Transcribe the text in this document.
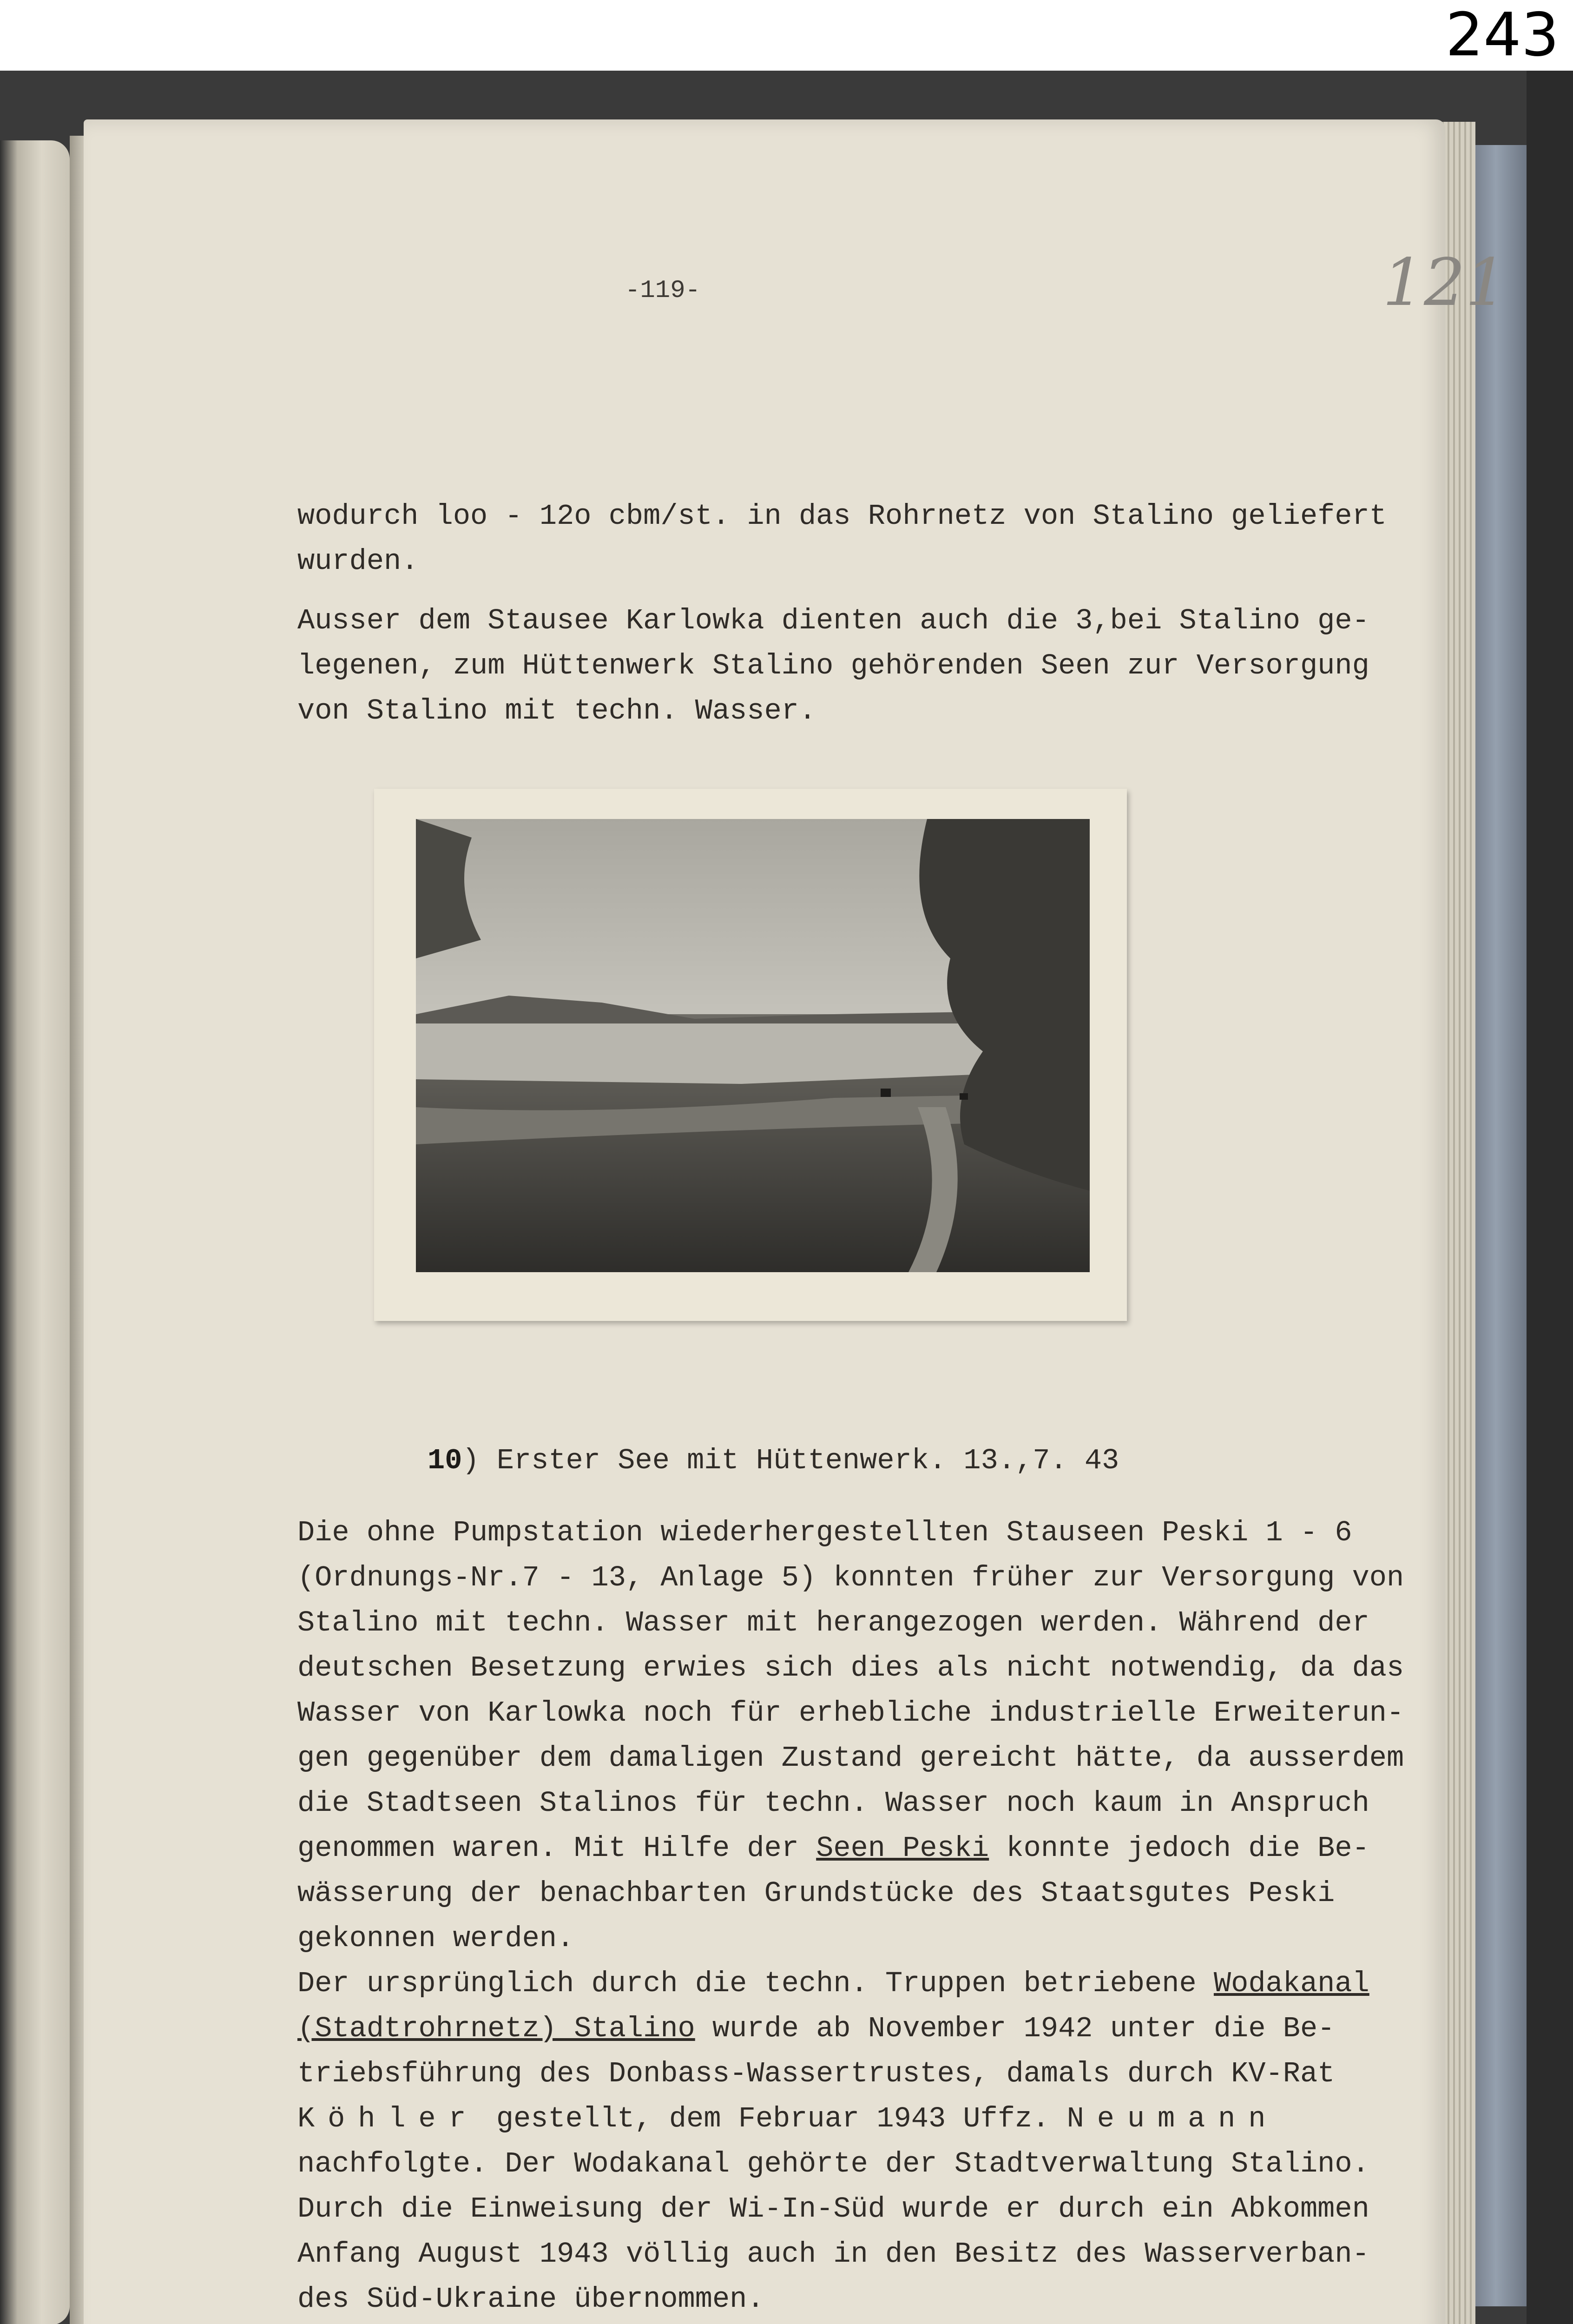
243
-119-	121

wodurch loo - 12o cbm/st. in das Rohrnetz von Stalino geliefert
wurden.

Ausser dem Stausee Karlowka dienten auch die 3,bei Stalino ge-
legenen, zum Hüttenwerk Stalino gehörenden Seen zur Versorgung
von Stalino mit techn. Wasser.

10) Erster See mit Hüttenwerk. 13.,7. 43
Die ohne Pumpstation wiederhergestellten Stauseen Peski 1 - 6
(Ordnungs-Nr.7 - 13, Anlage 5) konnten früher zur Versorgung von
Stalino mit techn. Wasser mit herangezogen werden. Während der
deutschen Besetzung erwies sich dies als nicht notwendig, da das
Wasser von Karlowka noch für erhebliche industrielle Erweiterun-
gen gegenüber dem damaligen Zustand gereicht hätte, da ausserdem
die Stadtseen Stalinos für techn. Wasser noch kaum in Anspruch
genommen waren. Mit Hilfe der Seen Peski konnte jedoch die Be-
wässerung der benachbarten Grundstücke des Staatsgutes Peski
gekonnen werden.
Der ursprünglich durch die techn. Truppen betriebene Wodakanal
(Stadtrohrnetz) Stalino wurde ab November 1942 unter die Be-
triebsführung des Donbass-Wassertrustes, damals durch KV-Rat
Köhler gestellt, dem Februar 1943 Uffz. Neumann
nachfolgte. Der Wodakanal gehörte der Stadtverwaltung Stalino.
Durch die Einweisung der Wi-In-Süd wurde er durch ein Abkommen
Anfang August 1943 völlig auch in den Besitz des Wasserverban-
des Süd-Ukraine übernommen.
